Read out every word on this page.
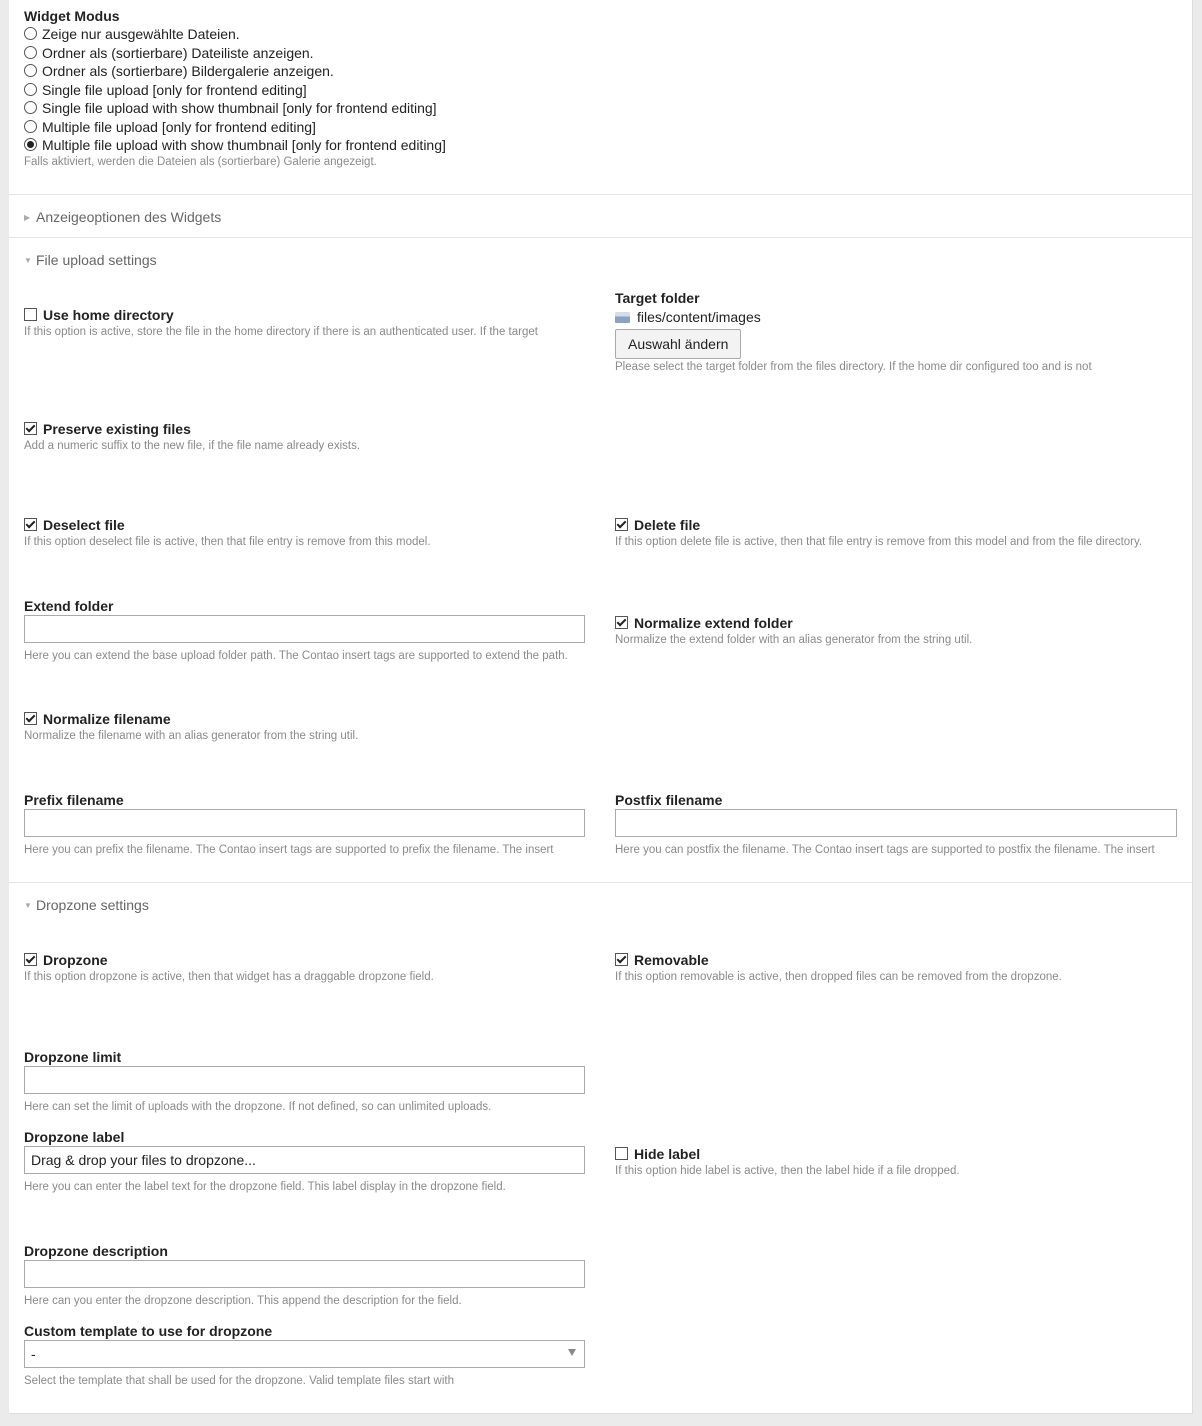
Widget Modus
Zeige nur ausgewählte Dateien.
Ordner als (sortierbare) Dateiliste anzeigen.
Ordner als (sortierbare) Bildergalerie anzeigen.
Single file upload [only for frontend editing]
Single file upload with show thumbnail [only for frontend editing]
Multiple file upload [only for frontend editing]
Multiple file upload with show thumbnail [only for frontend editing]
Falls aktiviert, werden die Dateien als (sortierbare) Galerie angezeigt.
▶ Anzeigeoptionen des Widgets
▼ File upload settings
Use home directory
If this option is active, store the file in the home directory if there is an authenticated user. If the target
Target folder
files/content/images
Auswahl ändern
Please select the target folder from the files directory. If the home dir configured too and is not
Preserve existing files
Add a numeric suffix to the new file, if the file name already exists.
Deselect file
If this option deselect file is active, then that file entry is remove from this model.
Delete file
If this option delete file is active, then that file entry is remove from this model and from the file directory.
Extend folder
Here you can extend the base upload folder path. The Contao insert tags are supported to extend the path.
Normalize extend folder
Normalize the extend folder with an alias generator from the string util.
Normalize filename
Normalize the filename with an alias generator from the string util.
Prefix filename
Here you can prefix the filename. The Contao insert tags are supported to prefix the filename. The insert
Postfix filename
Here you can postfix the filename. The Contao insert tags are supported to postfix the filename. The insert
▼ Dropzone settings
Dropzone
If this option dropzone is active, then that widget has a draggable dropzone field.
Removable
If this option removable is active, then dropped files can be removed from the dropzone.
Dropzone limit
Here can set the limit of uploads with the dropzone. If not defined, so can unlimited uploads.
Dropzone label
Drag & drop your files to dropzone...
Here you can enter the label text for the dropzone field. This label display in the dropzone field.
Hide label
If this option hide label is active, then the label hide if a file dropped.
Dropzone description
Here can you enter the dropzone description. This append the description for the field.
Custom template to use for dropzone
-
Select the template that shall be used for the dropzone. Valid template files start with
